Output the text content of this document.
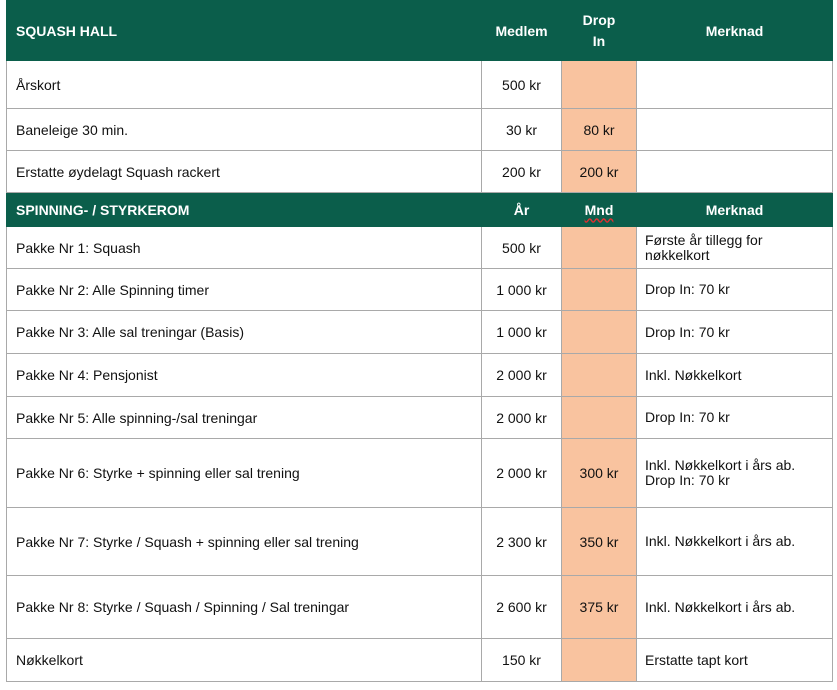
SQUASH HALL	Medlem	Drop In	Merknad
Årskort	500 kr		
Baneleige 30 min.	30 kr	80 kr	
Erstatte øydelagt Squash rackert	200 kr	200 kr	
SPINNING- / STYRKEROM	År	Mnd	Merknad
Pakke Nr 1: Squash	500 kr		Første år tillegg for nøkkelkort
Pakke Nr 2: Alle Spinning timer	1 000 kr		Drop In: 70 kr
Pakke Nr 3: Alle sal treningar (Basis)	1 000 kr		Drop In: 70 kr
Pakke Nr 4: Pensjonist	2 000 kr		Inkl. Nøkkelkort
Pakke Nr 5: Alle spinning-/sal treningar	2 000 kr		Drop In: 70 kr
Pakke Nr 6: Styrke + spinning eller sal trening	2 000 kr	300 kr	Inkl. Nøkkelkort i års ab. Drop In: 70 kr
Pakke Nr 7: Styrke / Squash + spinning eller sal trening	2 300 kr	350 kr	Inkl. Nøkkelkort i års ab.
Pakke Nr 8: Styrke / Squash / Spinning / Sal treningar	2 600 kr	375 kr	Inkl. Nøkkelkort i års ab.
Nøkkelkort	150 kr		Erstatte tapt kort
